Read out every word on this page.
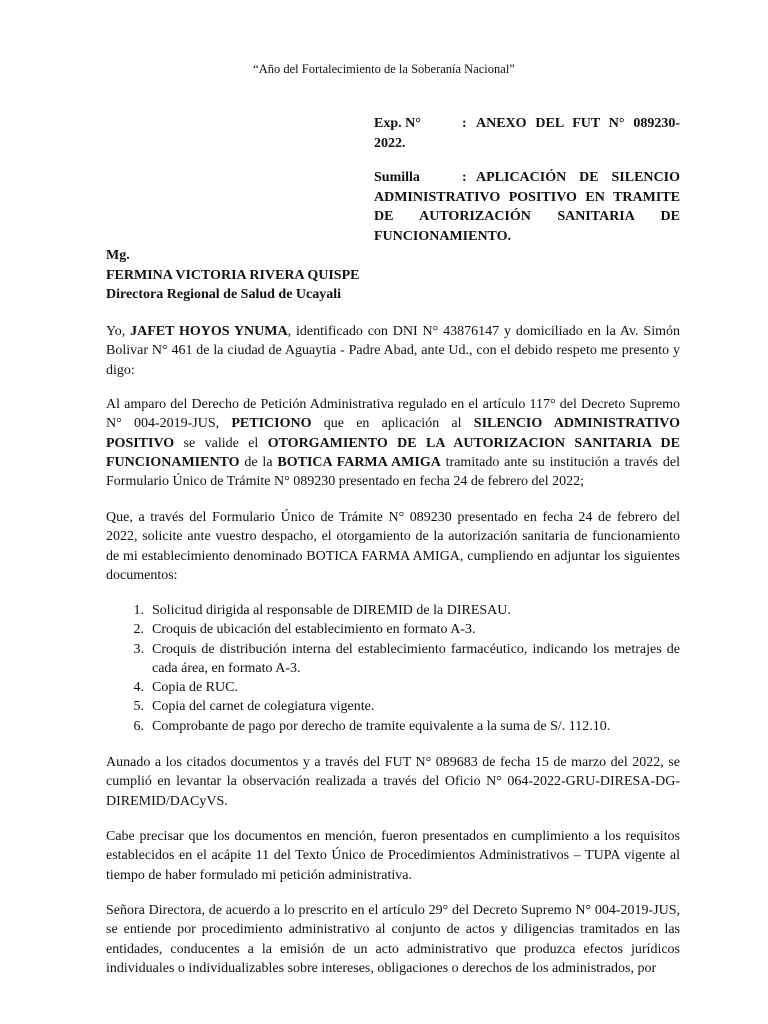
“Año del Fortalecimiento de la Soberanía Nacional”
Exp. N°	: ANEXO DEL FUT N° 089230-
2022.
Sumilla	: APLICACIÓN DE SILENCIO
ADMINISTRATIVO POSITIVO EN TRAMITE DE AUTORIZACIÓN SANITARIA DE FUNCIONAMIENTO.
Mg.
FERMINA VICTORIA RIVERA QUISPE
Directora Regional de Salud de Ucayali
Yo, JAFET HOYOS YNUMA, identificado con DNI N° 43876147 y domiciliado en la Av. Simón Bolivar N° 461 de la ciudad de Aguaytia - Padre Abad, ante Ud., con el debido respeto me presento y digo:
Al amparo del Derecho de Petición Administrativa regulado en el artículo 117° del Decreto Supremo N° 004-2019-JUS, PETICIONO que en aplicación al SILENCIO ADMINISTRATIVO POSITIVO se valide el OTORGAMIENTO DE LA AUTORIZACION SANITARIA DE FUNCIONAMIENTO de la BOTICA FARMA AMIGA tramitado ante su institución a través del Formulario Único de Trámite N° 089230 presentado en fecha 24 de febrero del 2022;
Que, a través del Formulario Único de Trámite N° 089230 presentado en fecha 24 de febrero del 2022, solicite ante vuestro despacho, el otorgamiento de la autorización sanitaria de funcionamiento de mi establecimiento denominado BOTICA FARMA AMIGA, cumpliendo en adjuntar los siguientes documentos:
1. Solicitud dirigida al responsable de DIREMID de la DIRESAU.
2. Croquis de ubicación del establecimiento en formato A-3.
3. Croquis de distribución interna del establecimiento farmacéutico, indicando los metrajes de cada área, en formato A-3.
4. Copia de RUC.
5. Copia del carnet de colegiatura vigente.
6. Comprobante de pago por derecho de tramite equivalente a la suma de S/. 112.10.
Aunado a los citados documentos y a través del FUT N° 089683 de fecha 15 de marzo del 2022, se cumplió en levantar la observación realizada a través del Oficio N° 064-2022-GRU-DIRESA-DG-DIREMID/DACyVS.
Cabe precisar que los documentos en mención, fueron presentados en cumplimiento a los requisitos establecidos en el acápite 11 del Texto Único de Procedimientos Administrativos – TUPA vigente al tiempo de haber formulado mi petición administrativa.
Señora Directora, de acuerdo a lo prescrito en el artículo 29° del Decreto Supremo N° 004-2019-JUS, se entiende por procedimiento administrativo al conjunto de actos y diligencias tramitados en las entidades, conducentes a la emisión de un acto administrativo que produzca efectos jurídicos individuales o individualizables sobre intereses, obligaciones o derechos de los administrados, por
